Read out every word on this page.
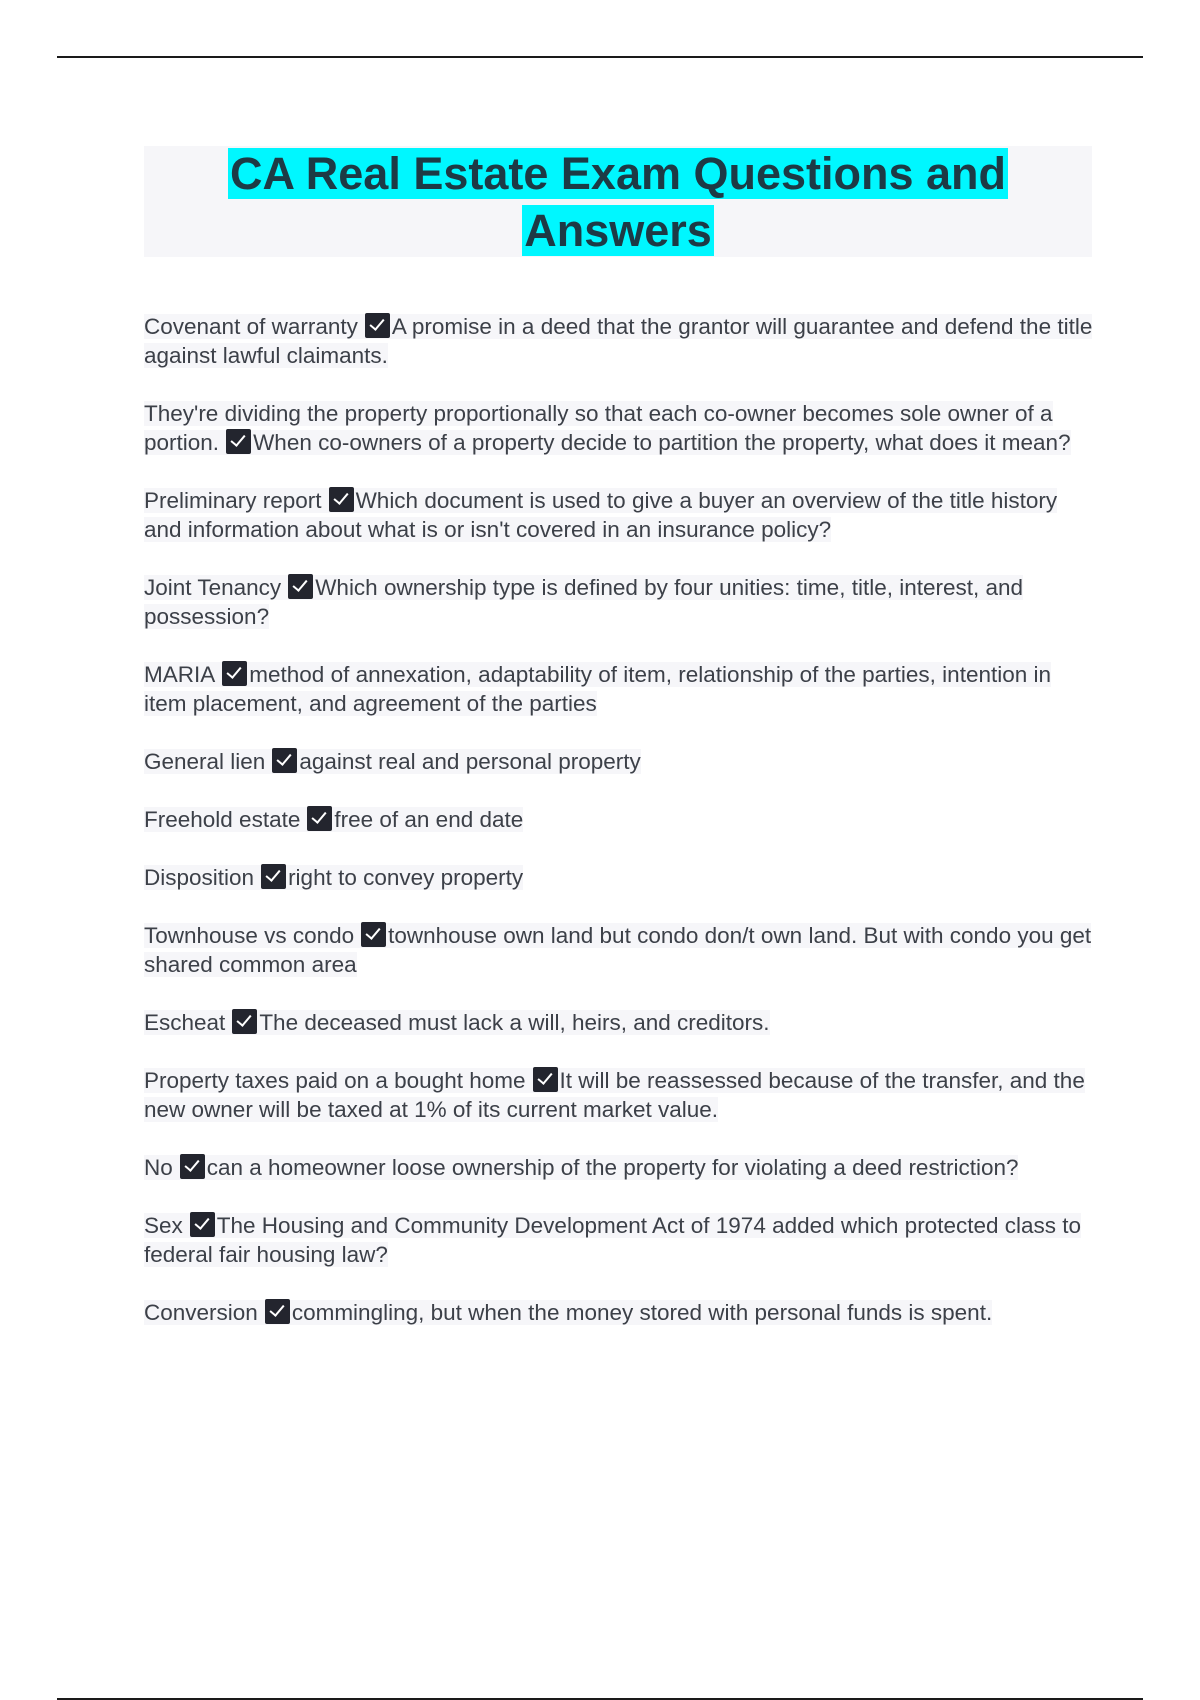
CA Real Estate Exam Questions and Answers
Covenant of warranty A promise in a deed that the grantor will guarantee and defend the title against lawful claimants.
They're dividing the property proportionally so that each co-owner becomes sole owner of a portion. When co-owners of a property decide to partition the property, what does it mean?
Preliminary report Which document is used to give a buyer an overview of the title history and information about what is or isn't covered in an insurance policy?
Joint Tenancy Which ownership type is defined by four unities: time, title, interest, and possession?
MARIA method of annexation, adaptability of item, relationship of the parties, intention in item placement, and agreement of the parties
General lien against real and personal property
Freehold estate free of an end date
Disposition right to convey property
Townhouse vs condo townhouse own land but condo don/t own land. But with condo you get shared common area
Escheat The deceased must lack a will, heirs, and creditors.
Property taxes paid on a bought home It will be reassessed because of the transfer, and the new owner will be taxed at 1% of its current market value.
No can a homeowner loose ownership of the property for violating a deed restriction?
Sex The Housing and Community Development Act of 1974 added which protected class to federal fair housing law?
Conversion commingling, but when the money stored with personal funds is spent.
